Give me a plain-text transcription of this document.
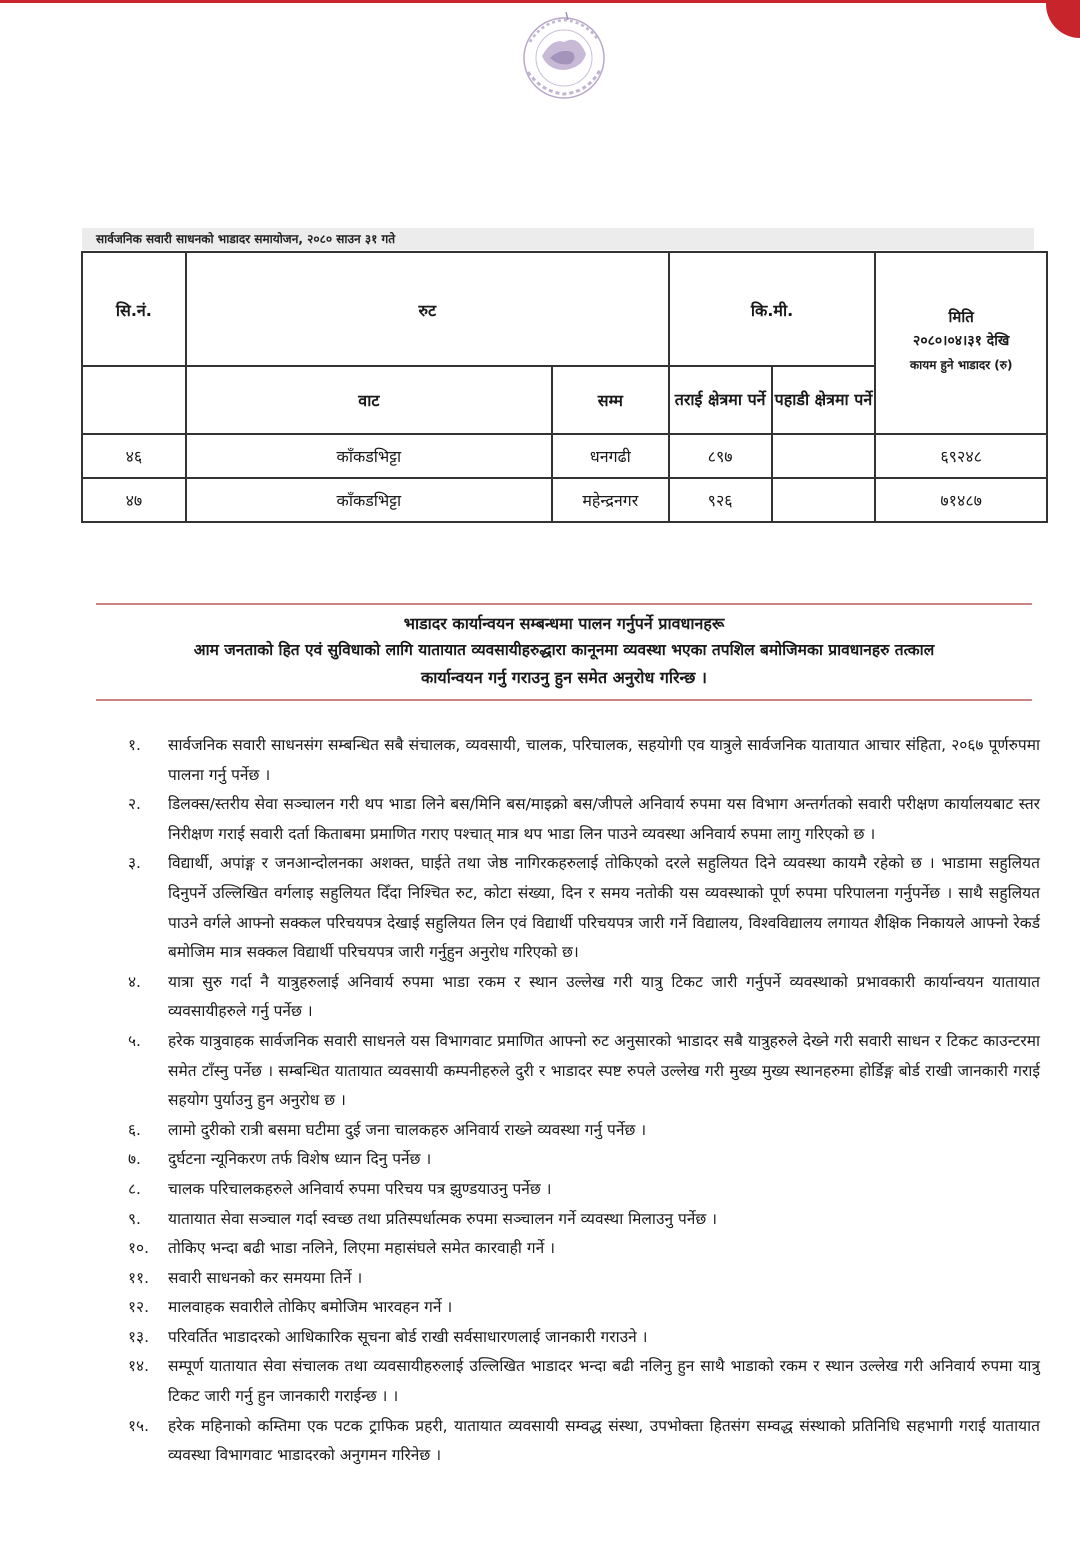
सार्वजनिक सवारी साधनको भाडादर समायोजन, २०८० साउन ३१ गते
सि.नं.	रुट		कि.मी.		मिति
२०८०।०४।३१ देखि
कायम हुने भाडादर (रु)

	वाट	सम्म	तराई क्षेत्रमा पर्ने	पहाडी क्षेत्रमा पर्ने	
४६	काँकडभिट्टा	धनगढी	८९७		६९२४८
४७	काँकडभिट्टा	महेन्द्रनगर	९२६		७१४८७
भाडादर कार्यान्वयन सम्बन्धमा पालन गर्नुपर्ने प्रावधानहरू
आम जनताको हित एवं सुविधाको लागि यातायात व्यवसायीहरुद्धारा कानूनमा व्यवस्था भएका तपशिल बमोजिमका प्रावधानहरु तत्काल
कार्यान्वयन गर्नु गराउनु हुन समेत अनुरोध गरिन्छ ।
१. सार्वजनिक सवारी साधनसंग सम्बन्धित सबै संचालक, व्यवसायी, चालक, परिचालक, सहयोगी एव यात्रुले सार्वजनिक यातायात आचार संहिता, २०६७ पूर्णरुपमा पालना गर्नु पर्नेछ ।
२. डिलक्स/स्तरीय सेवा सञ्चालन गरी थप भाडा लिने बस/मिनि बस/माइक्रो बस/जीपले अनिवार्य रुपमा यस विभाग अन्तर्गतको सवारी परीक्षण कार्यालयबाट स्तर निरीक्षण गराई सवारी दर्ता किताबमा प्रमाणित गराए पश्चात् मात्र थप भाडा लिन पाउने व्यवस्था अनिवार्य रुपमा लागु गरिएको छ ।
३. विद्यार्थी, अपांङ्ग र जनआन्दोलनका अशक्त, घाईते तथा जेष्ठ नागिरकहरुलाई तोकिएको दरले सहुलियत दिने व्यवस्था कायमै रहेको छ । भाडामा सहुलियत दिनुपर्ने उल्लिखित वर्गलाइ सहुलियत दिँदा निश्चित रुट, कोटा संख्या, दिन र समय नतोकी यस व्यवस्थाको पूर्ण रुपमा परिपालना गर्नुपर्नेछ । साथै सहुलियत पाउने वर्गले आफ्नो सक्कल परिचयपत्र देखाई सहुलियत लिन एवं विद्यार्थी परिचयपत्र जारी गर्ने विद्यालय, विश्वविद्यालय लगायत शैक्षिक निकायले आफ्नो रेकर्ड बमोजिम मात्र सक्कल विद्यार्थी परिचयपत्र जारी गर्नुहुन अनुरोध गरिएको छ।
४. यात्रा सुरु गर्दा नै यात्रुहरुलाई अनिवार्य रुपमा भाडा रकम र स्थान उल्लेख गरी यात्रु टिकट जारी गर्नुपर्ने व्यवस्थाको प्रभावकारी कार्यान्वयन यातायात व्यवसायीहरुले गर्नु पर्नेछ ।
५. हरेक यात्रुवाहक सार्वजनिक सवारी साधनले यस विभागवाट प्रमाणित आफ्नो रुट अनुसारको भाडादर सबै यात्रुहरुले देख्ने गरी सवारी साधन र टिकट काउन्टरमा समेत टाँस्नु पर्नेछ । सम्बन्धित यातायात व्यवसायी कम्पनीहरुले दुरी र भाडादर स्पष्ट रुपले उल्लेख गरी मुख्य मुख्य स्थानहरुमा होर्डिङ्ग बोर्ड राखी जानकारी गराई सहयोग पुर्याउनु हुन अनुरोध छ ।
६. लामो दुरीको रात्री बसमा घटीमा दुई जना चालकहरु अनिवार्य राख्ने व्यवस्था गर्नु पर्नेछ ।
७. दुर्घटना न्यूनिकरण तर्फ विशेष ध्यान दिनु पर्नेछ ।
८. चालक परिचालकहरुले अनिवार्य रुपमा परिचय पत्र झुण्डयाउनु पर्नेछ ।
९. यातायात सेवा सञ्चाल गर्दा स्वच्छ तथा प्रतिस्पर्धात्मक रुपमा सञ्चालन गर्ने व्यवस्था मिलाउनु पर्नेछ ।
१०. तोकिए भन्दा बढी भाडा नलिने, लिएमा महासंघले समेत कारवाही गर्ने ।
११. सवारी साधनको कर समयमा तिर्ने ।
१२. मालवाहक सवारीले तोकिए बमोजिम भारवहन गर्ने ।
१३. परिवर्तित भाडादरको आधिकारिक सूचना बोर्ड राखी सर्वसाधारणलाई जानकारी गराउने ।
१४. सम्पूर्ण यातायात सेवा संचालक तथा व्यवसायीहरुलाई उल्लिखित भाडादर भन्दा बढी नलिनु हुन साथै भाडाको रकम र स्थान उल्लेख गरी अनिवार्य रुपमा यात्रु टिकट जारी गर्नु हुन जानकारी गराईन्छ । ।
१५. हरेक महिनाको कम्तिमा एक पटक ट्राफिक प्रहरी, यातायात व्यवसायी सम्वद्ध संस्था, उपभोक्ता हितसंग सम्वद्ध संस्थाको प्रतिनिधि सहभागी गराई यातायात व्यवस्था विभागवाट भाडादरको अनुगमन गरिनेछ ।
